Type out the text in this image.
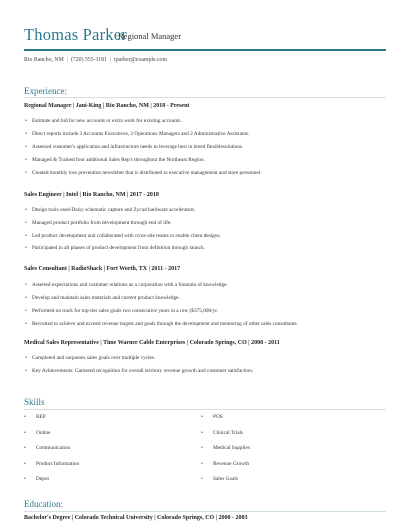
Thomas Parker
Regional Manager
Rio Rancho, NM | (720) 555-1181 | tparker@example.com
Experience:
Regional Manager | Jani-King | Rio Rancho, NM | 2018 - Present
• Estimate and bid for new accounts or extra work for existing accounts.
• Direct reports include 3 Accounts Executives, 2 Operations Managers and 2 Administrative Assistants.
• Assessed customer's application and infrastructure needs to leverage best in breed flexiblesolutions.
• Managed & Trained four additional Sales Rep's throughout the Northeast Region.
• Created monthly loss prevention newsletter that is distributed to executive management and store personnel.
Sales Engineer | Intel | Rio Rancho, NM | 2017 - 2018
• Design tools used-Daisy schematic capture and Zycad hardware accelerators.
• Managed product portfolio from development through end of life.
• Led product development and collaborated with cross-site teams to enable client designs.
• Participated in all phases of product development from definition through launch.
Sales Consultant | RadioShack | Fort Worth, TX | 2011 - 2017
• Asserted expectations and customer relations as a corporation with a fountain of knowledge.
• Develop and maintain sales materials and current product knowledge.
• Performed on track for top-tier sales goals two consecutive years in a row ($375,000/yr.
• Recruited to achieve and exceed revenue targets and goals through the development and mentoring of other sales consultants.
Medical Sales Representative | Time Warner Cable Enterprises | Colorado Springs, CO | 2008 - 2011
• Completed and surpasses sales goals over multiple cycles.
• Key Achievements: Garnered recognition for overall territory revenue growth and customer satisfaction.
Skills
• REP
• Online
• Communication
• Product Information
• Depot
• POS
• Clinical Trials
• Medical Supplies
• Revenue Growth
• Sales Goals
Education:
Bachelor's Degree | Colorado Technical University | Colorado Springs, CO | 2000 - 2003
